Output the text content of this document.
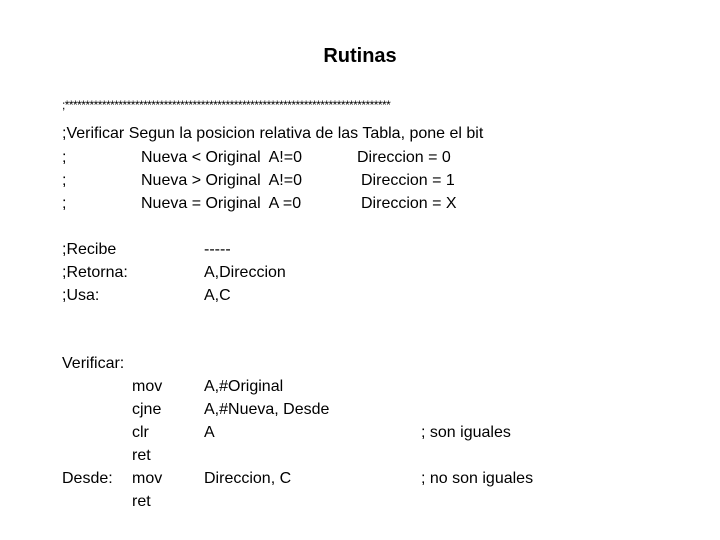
Rutinas
;*******************************************************************************
;Verificar Segun la posicion relativa de las Tabla, pone el bit
;	Nueva < Original  A!=0	Direccion = 0
;	Nueva > Original  A!=0	Direccion = 1
;	Nueva = Original  A =0	Direccion = X
;Recibe	-----
;Retorna:	A,Direccion
;Usa:	A,C
Verificar:
mov	A,#Original
cjne	A,#Nueva, Desde
clr	A	; son iguales
ret
Desde: mov	Direccion, C	; no son iguales
ret
